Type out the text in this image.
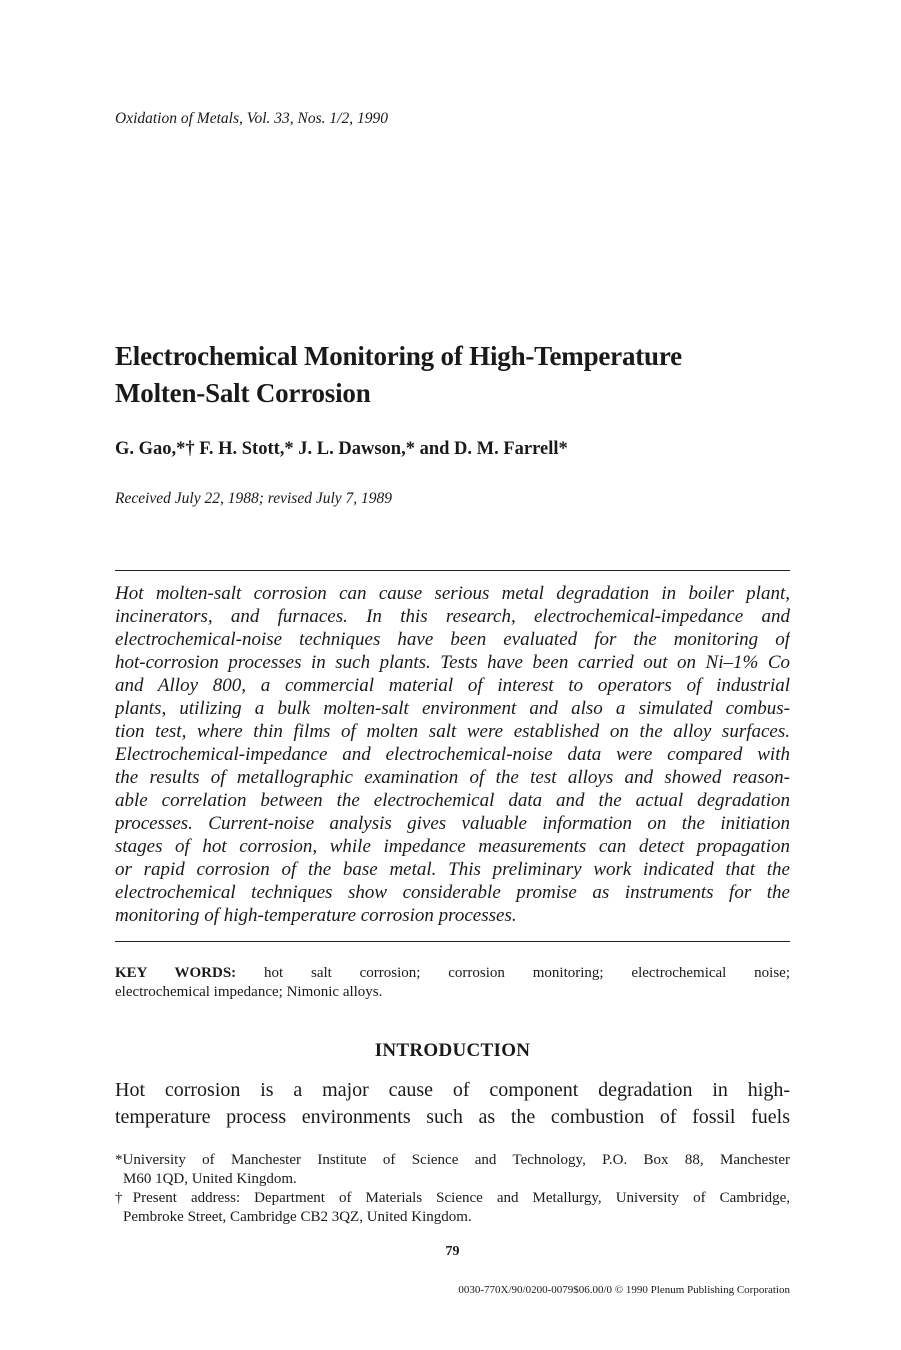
Oxidation of Metals, Vol. 33, Nos. 1/2, 1990
Electrochemical Monitoring of High-Temperature
Molten-Salt Corrosion
G. Gao,*† F. H. Stott,* J. L. Dawson,* and D. M. Farrell*
Received July 22, 1988; revised July 7, 1989
Hot molten-salt corrosion can cause serious metal degradation in boiler plant,
incinerators, and furnaces. In this research, electrochemical-impedance and
electrochemical-noise techniques have been evaluated for the monitoring of
hot-corrosion processes in such plants. Tests have been carried out on Ni–1% Co
and Alloy 800, a commercial material of interest to operators of industrial
plants, utilizing a bulk molten-salt environment and also a simulated combus-
tion test, where thin films of molten salt were established on the alloy surfaces.
Electrochemical-impedance and electrochemical-noise data were compared with
the results of metallographic examination of the test alloys and showed reason-
able correlation between the electrochemical data and the actual degradation
processes. Current-noise analysis gives valuable information on the initiation
stages of hot corrosion, while impedance measurements can detect propagation
or rapid corrosion of the base metal. This preliminary work indicated that the
electrochemical techniques show considerable promise as instruments for the
monitoring of high-temperature corrosion processes.
KEY WORDS: hot salt corrosion; corrosion monitoring; electrochemical noise;
electrochemical impedance; Nimonic alloys.
INTRODUCTION
Hot corrosion is a major cause of component degradation in high-
temperature process environments such as the combustion of fossil fuels
*University of Manchester Institute of Science and Technology, P.O. Box 88, Manchester
M60 1QD, United Kingdom.
†Present address: Department of Materials Science and Metallurgy, University of Cambridge,
Pembroke Street, Cambridge CB2 3QZ, United Kingdom.
79
0030-770X/90/0200-0079$06.00/0 © 1990 Plenum Publishing Corporation
